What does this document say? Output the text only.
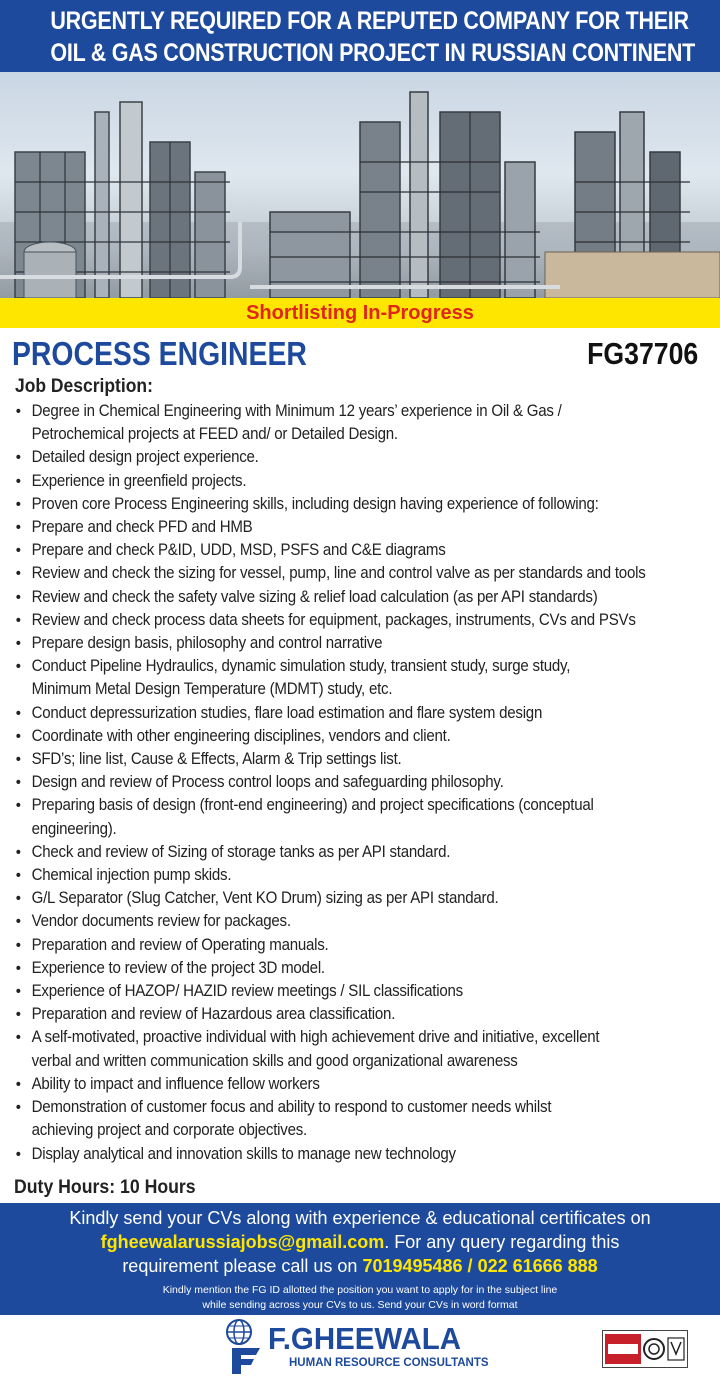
URGENTLY REQUIRED FOR A REPUTED COMPANY FOR THEIR
OIL & GAS CONSTRUCTION PROJECT IN RUSSIAN CONTINENT
Shortlisting In-Progress
PROCESS ENGINEER	FG37706
Job Description:
• Degree in Chemical Engineering with Minimum 12 years’ experience in Oil & Gas /
Petrochemical projects at FEED and/ or Detailed Design.
• Detailed design project experience.
• Experience in greenfield projects.
• Proven core Process Engineering skills, including design having experience of following:
• Prepare and check PFD and HMB
• Prepare and check P&ID, UDD, MSD, PSFS and C&E diagrams
• Review and check the sizing for vessel, pump, line and control valve as per standards and tools
• Review and check the safety valve sizing & relief load calculation (as per API standards)
• Review and check process data sheets for equipment, packages, instruments, CVs and PSVs
• Prepare design basis, philosophy and control narrative
• Conduct Pipeline Hydraulics, dynamic simulation study, transient study, surge study,
Minimum Metal Design Temperature (MDMT) study, etc.
• Conduct depressurization studies, flare load estimation and flare system design
• Coordinate with other engineering disciplines, vendors and client.
• SFD’s; line list, Cause & Effects, Alarm & Trip settings list.
• Design and review of Process control loops and safeguarding philosophy.
• Preparing basis of design (front-end engineering) and project specifications (conceptual
engineering).
• Check and review of Sizing of storage tanks as per API standard.
• Chemical injection pump skids.
• G/L Separator (Slug Catcher, Vent KO Drum) sizing as per API standard.
• Vendor documents review for packages.
• Preparation and review of Operating manuals.
• Experience to review of the project 3D model.
• Experience of HAZOP/ HAZID review meetings / SIL classifications
• Preparation and review of Hazardous area classification.
• A self-motivated, proactive individual with high achievement drive and initiative, excellent
verbal and written communication skills and good organizational awareness
• Ability to impact and influence fellow workers
• Demonstration of customer focus and ability to respond to customer needs whilst
achieving project and corporate objectives.
• Display analytical and innovation skills to manage new technology
Duty Hours: 10 Hours
Kindly send your CVs along with experience & educational certificates on
fgheewalarussiajobs@gmail.com. For any query regarding this
requirement please call us on 7019495486 / 022 61666 888
Kindly mention the FG ID allotted the position you want to apply for in the subject line
while sending across your CVs to us. Send your CVs in word format
F.GHEEWALA
HUMAN RESOURCE CONSULTANTS
